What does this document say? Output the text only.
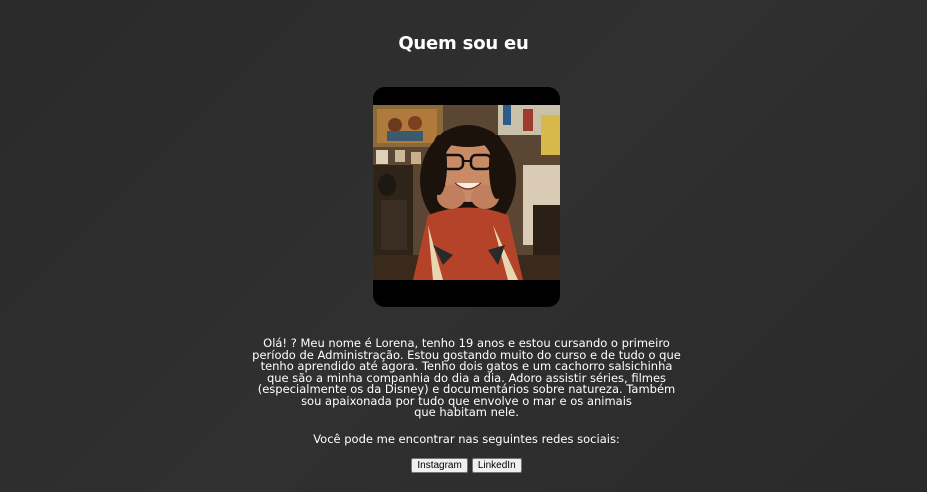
Quem sou eu

Olá! ? Meu nome é Lorena, tenho 19 anos e estou cursando o primeiro
período de Administração. Estou gostando muito do curso e de tudo o que
tenho aprendido até agora. Tenho dois gatos e um cachorro salsichinha
que são a minha companhia do dia a dia. Adoro assistir séries, filmes
(especialmente os da Disney) e documentários sobre natureza. Também
sou apaixonada por tudo que envolve o mar e os animais
que habitam nele.

Você pode me encontrar nas seguintes redes sociais:

Instagram LinkedIn
